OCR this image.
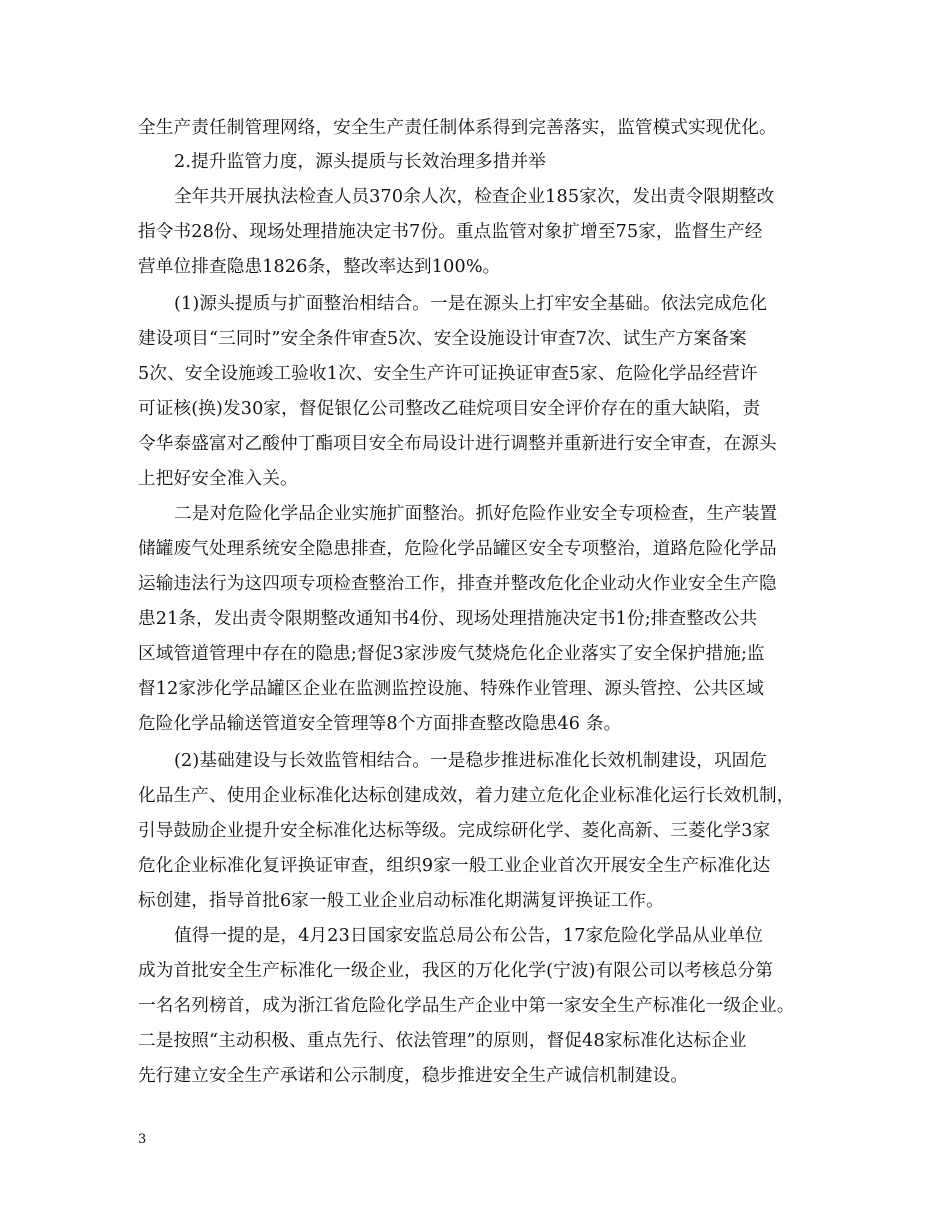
全生产责任制管理网络，安全生产责任制体系得到完善落实，监管模式实现优化。
2.提升监管力度，源头提质与长效治理多措并举
全年共开展执法检查人员370余人次，检查企业185家次，发出责令限期整改
指令书28份、现场处理措施决定书7份。重点监管对象扩增至75家，监督生产经
营单位排查隐患1826条，整改率达到100%。
(1)源头提质与扩面整治相结合。一是在源头上打牢安全基础。依法完成危化
建设项目“三同时”安全条件审查5次、安全设施设计审查7次、试生产方案备案
5次、安全设施竣工验收1次、安全生产许可证换证审查5家、危险化学品经营许
可证核(换)发30家，督促银亿公司整改乙硅烷项目安全评价存在的重大缺陷，责
令华泰盛富对乙酸仲丁酯项目安全布局设计进行调整并重新进行安全审查，在源头
上把好安全准入关。
二是对危险化学品企业实施扩面整治。抓好危险作业安全专项检查，生产装置
储罐废气处理系统安全隐患排查，危险化学品罐区安全专项整治，道路危险化学品
运输违法行为这四项专项检查整治工作，排查并整改危化企业动火作业安全生产隐
患21条，发出责令限期整改通知书4份、现场处理措施决定书1份;排查整改公共
区域管道管理中存在的隐患;督促3家涉废气焚烧危化企业落实了安全保护措施;监
督12家涉化学品罐区企业在监测监控设施、特殊作业管理、源头管控、公共区域
危险化学品输送管道安全管理等8个方面排查整改隐患46 条。
(2)基础建设与长效监管相结合。一是稳步推进标准化长效机制建设，巩固危
化品生产、使用企业标准化达标创建成效，着力建立危化企业标准化运行长效机制，
引导鼓励企业提升安全标准化达标等级。完成综研化学、菱化高新、三菱化学3家
危化企业标准化复评换证审查，组织9家一般工业企业首次开展安全生产标准化达
标创建，指导首批6家一般工业企业启动标准化期满复评换证工作。
值得一提的是，4月23日国家安监总局公布公告，17家危险化学品从业单位
成为首批安全生产标准化一级企业，我区的万化化学(宁波)有限公司以考核总分第
一名名列榜首，成为浙江省危险化学品生产企业中第一家安全生产标准化一级企业。
二是按照“主动积极、重点先行、依法管理”的原则，督促48家标准化达标企业
先行建立安全生产承诺和公示制度，稳步推进安全生产诚信机制建设。
3
